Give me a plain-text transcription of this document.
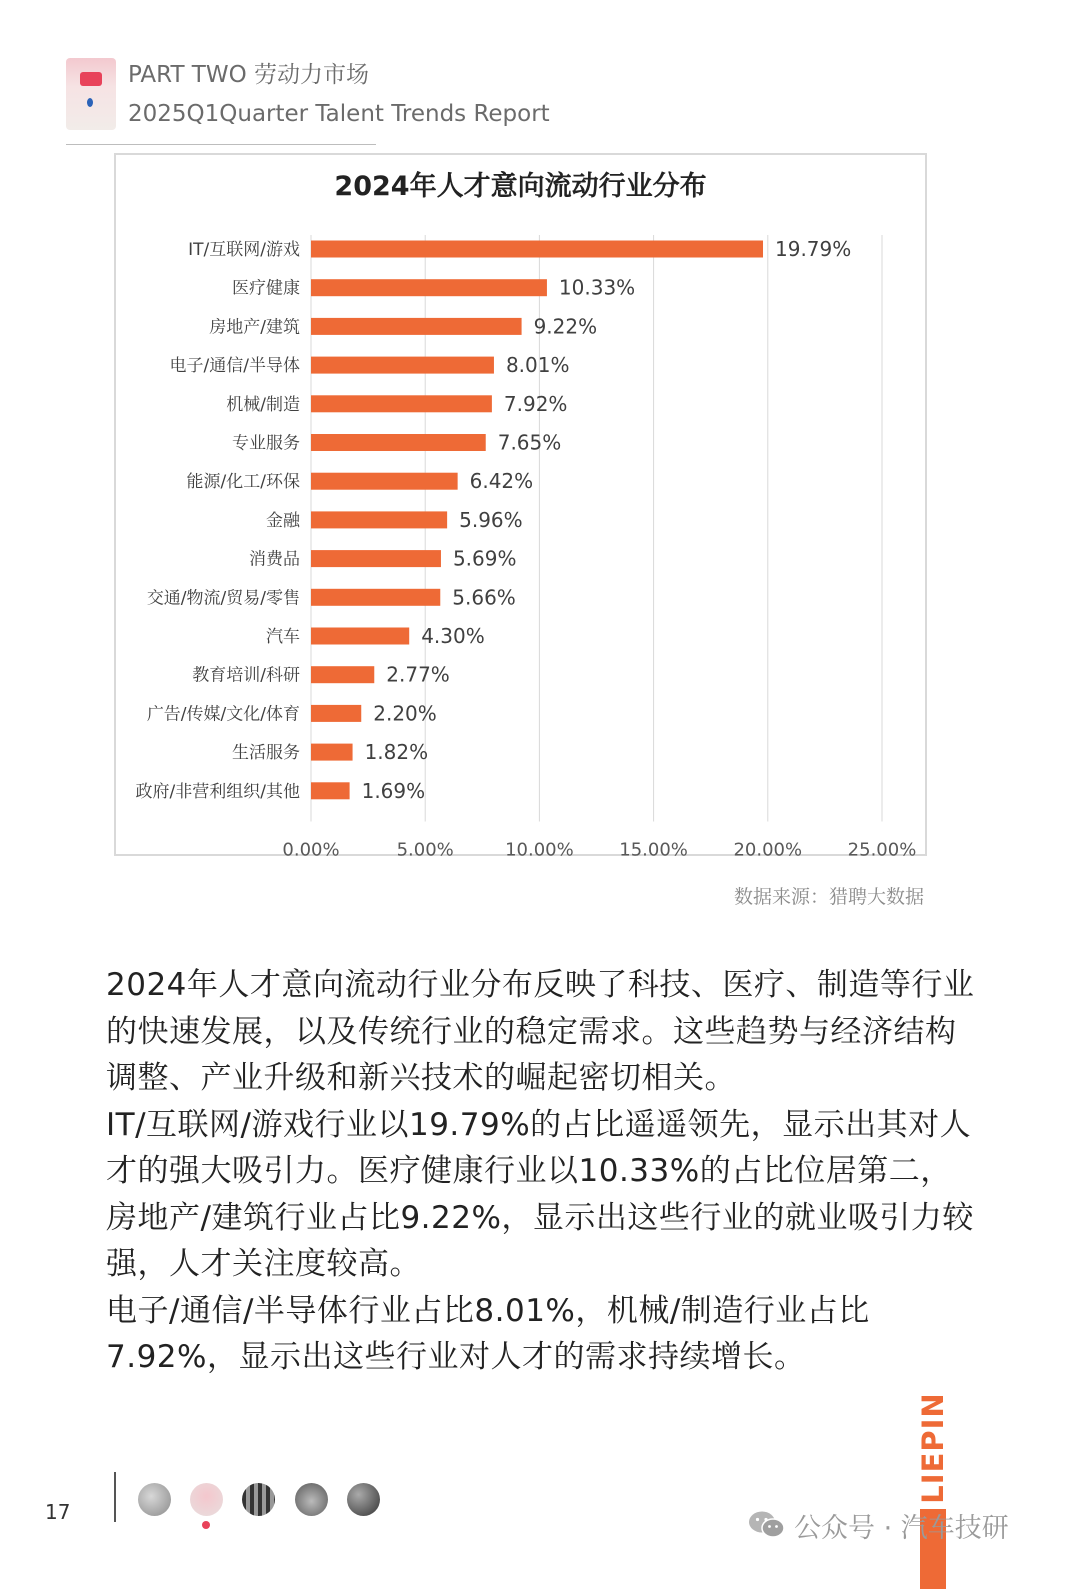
PART TWO 劳动力市场
2025Q1Quarter Talent Trends Report
2024年人才意向流动行业分布
0.00%	5.00%	10.00%	15.00%	20.00%	25.00%
IT/互联网/游戏	19.79%
医疗健康	10.33%
房地产/建筑	9.22%
电子/通信/半导体	8.01%
机械/制造	7.92%
专业服务	7.65%
能源/化工/环保	6.42%
金融	5.96%
消费品	5.69%
交通/物流/贸易/零售	5.66%
汽车	4.30%
教育培训/科研	2.77%
广告/传媒/文化/体育	2.20%
生活服务	1.82%
政府/非营利组织/其他	1.69%
数据来源：猎聘大数据

2024年人才意向流动行业分布反映了科技、医疗、制造等行业的快速发展，以及传统行业的稳定需求。这些趋势与经济结构调整、产业升级和新兴技术的崛起密切相关。

IT/互联网/游戏行业以19.79%的占比遥遥领先，显示出其对人才的强大吸引力。医疗健康行业以10.33%的占比位居第二，房地产/建筑行业占比9.22%，显示出这些行业的就业吸引力较强，人才关注度较高。

电子/通信/半导体行业占比8.01%，机械/制造行业占比7.92%，显示出这些行业对人才的需求持续增长。

17
LIEPIN
公众号 · 汽车技研
